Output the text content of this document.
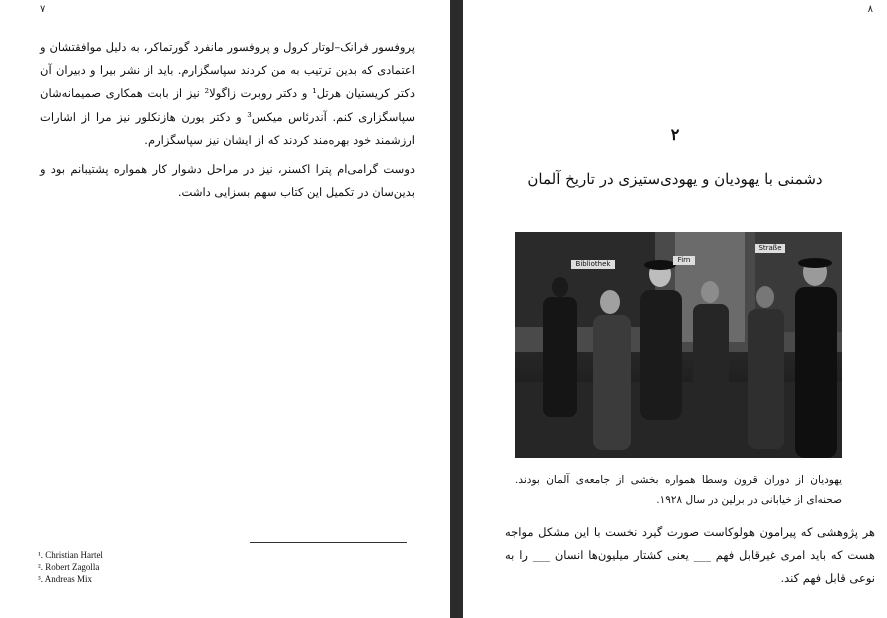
۷
پروفسور فرانک–لوتار کرول و پروفسور مانفرد گورتماکر، به دلیل موافقتشان و اعتمادی که بدین ترتیب به من کردند سپاسگزارم. باید از نشر بیرا و دبیران آن دکتر کریستیان هرتل¹ و دکتر روبرت زاگولا² نیز از بابت همکاری صمیمانه‌شان سپاسگزاری کنم. آندرئاس میکس³ و دکتر یورن هازنکلور نیز مرا از اشارات ارزشمند خود بهره‌مند کردند که از ایشان نیز سپاسگزارم.
دوست گرامی‌ام پترا اکسنر، نیز در مراحل دشوار کار همواره پشتیبانم بود و بدین‌سان در تکمیل این کتاب سهم بسزایی داشت.
¹. Christian Hartel
². Robert Zagolla
³. Andreas Mix
۸
۲
دشمنی با یهودیان و یهودی‌ستیزی در تاریخ آلمان
Bibliothek	Firn
Straße
یهودیان از دوران قرون وسطا همواره بخشی از جامعه‌ی آلمان بودند. صحنه‌ای از خیابانی در برلین در سال ۱۹۲۸.
هر پژوهشی که پیرامون هولوکاست صورت گیرد نخست با این مشکل مواجه هست که باید امری غیرقابل فهم ___ یعنی کشتار میلیون‌ها انسان ___ را به نوعی قابل فهم کند.
